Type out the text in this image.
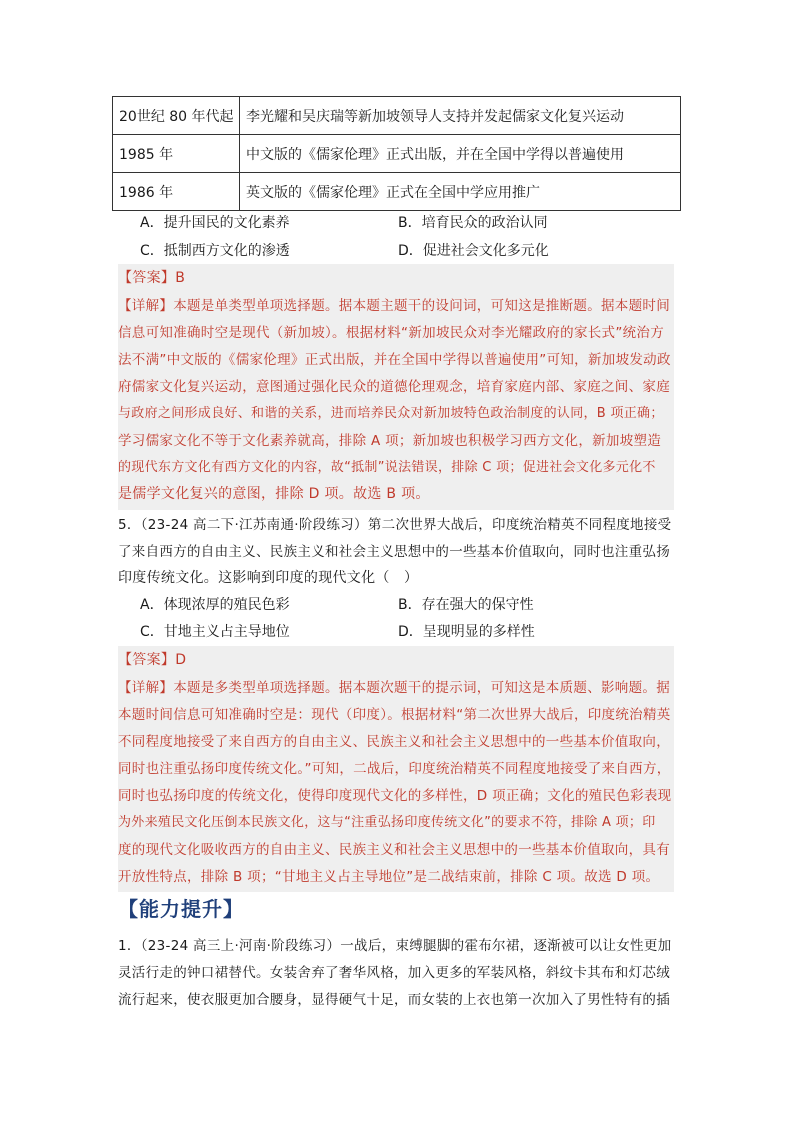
20世纪 80 年代起	李光耀和吴庆瑞等新加坡领导人支持并发起儒家文化复兴运动
1985 年	中文版的《儒家伦理》正式出版，并在全国中学得以普遍使用
1986 年	英文版的《儒家伦理》正式在全国中学应用推广
A．提升国民的文化素养	B．培育民众的政治认同
C．抵制西方文化的渗透	D．促进社会文化多元化
【答案】B
【详解】本题是单类型单项选择题。据本题主题干的设问词，可知这是推断题。据本题时间
信息可知准确时空是现代（新加坡）。根据材料“新加坡民众对李光耀政府的家长式”统治方
法不满”中文版的《儒家伦理》正式出版，并在全国中学得以普遍使用”可知，新加坡发动政
府儒家文化复兴运动，意图通过强化民众的道德伦理观念，培育家庭内部、家庭之间、家庭
与政府之间形成良好、和谐的关系，进而培养民众对新加坡特色政治制度的认同，B 项正确；
学习儒家文化不等于文化素养就高，排除 A 项；新加坡也积极学习西方文化，新加坡塑造
的现代东方文化有西方文化的内容，故“抵制”说法错误，排除 C 项；促进社会文化多元化不
是儒学文化复兴的意图，排除 D 项。故选 B 项。
5．（23-24 高二下·江苏南通·阶段练习）第二次世界大战后，印度统治精英不同程度地接受
了来自西方的自由主义、民族主义和社会主义思想中的一些基本价值取向，同时也注重弘扬
印度传统文化。这影响到印度的现代文化（　）
A．体现浓厚的殖民色彩	B．存在强大的保守性
C．甘地主义占主导地位	D．呈现明显的多样性
【答案】D
【详解】本题是多类型单项选择题。据本题次题干的提示词，可知这是本质题、影响题。据
本题时间信息可知准确时空是：现代（印度）。根据材料“第二次世界大战后，印度统治精英
不同程度地接受了来自西方的自由主义、民族主义和社会主义思想中的一些基本价值取向，
同时也注重弘扬印度传统文化。”可知，二战后，印度统治精英不同程度地接受了来自西方，
同时也弘扬印度的传统文化，使得印度现代文化的多样性，D 项正确；文化的殖民色彩表现
为外来殖民文化压倒本民族文化，这与“注重弘扬印度传统文化”的要求不符，排除 A 项；印
度的现代文化吸收西方的自由主义、民族主义和社会主义思想中的一些基本价值取向，具有
开放性特点，排除 B 项；“甘地主义占主导地位”是二战结束前，排除 C 项。故选 D 项。
【能力提升】
1．（23-24 高三上·河南·阶段练习）一战后，束缚腿脚的霍布尔裙，逐渐被可以让女性更加
灵活行走的钟口裙替代。女装舍弃了奢华风格，加入更多的军装风格，斜纹卡其布和灯芯绒
流行起来，使衣服更加合腰身，显得硬气十足，而女装的上衣也第一次加入了男性特有的插
